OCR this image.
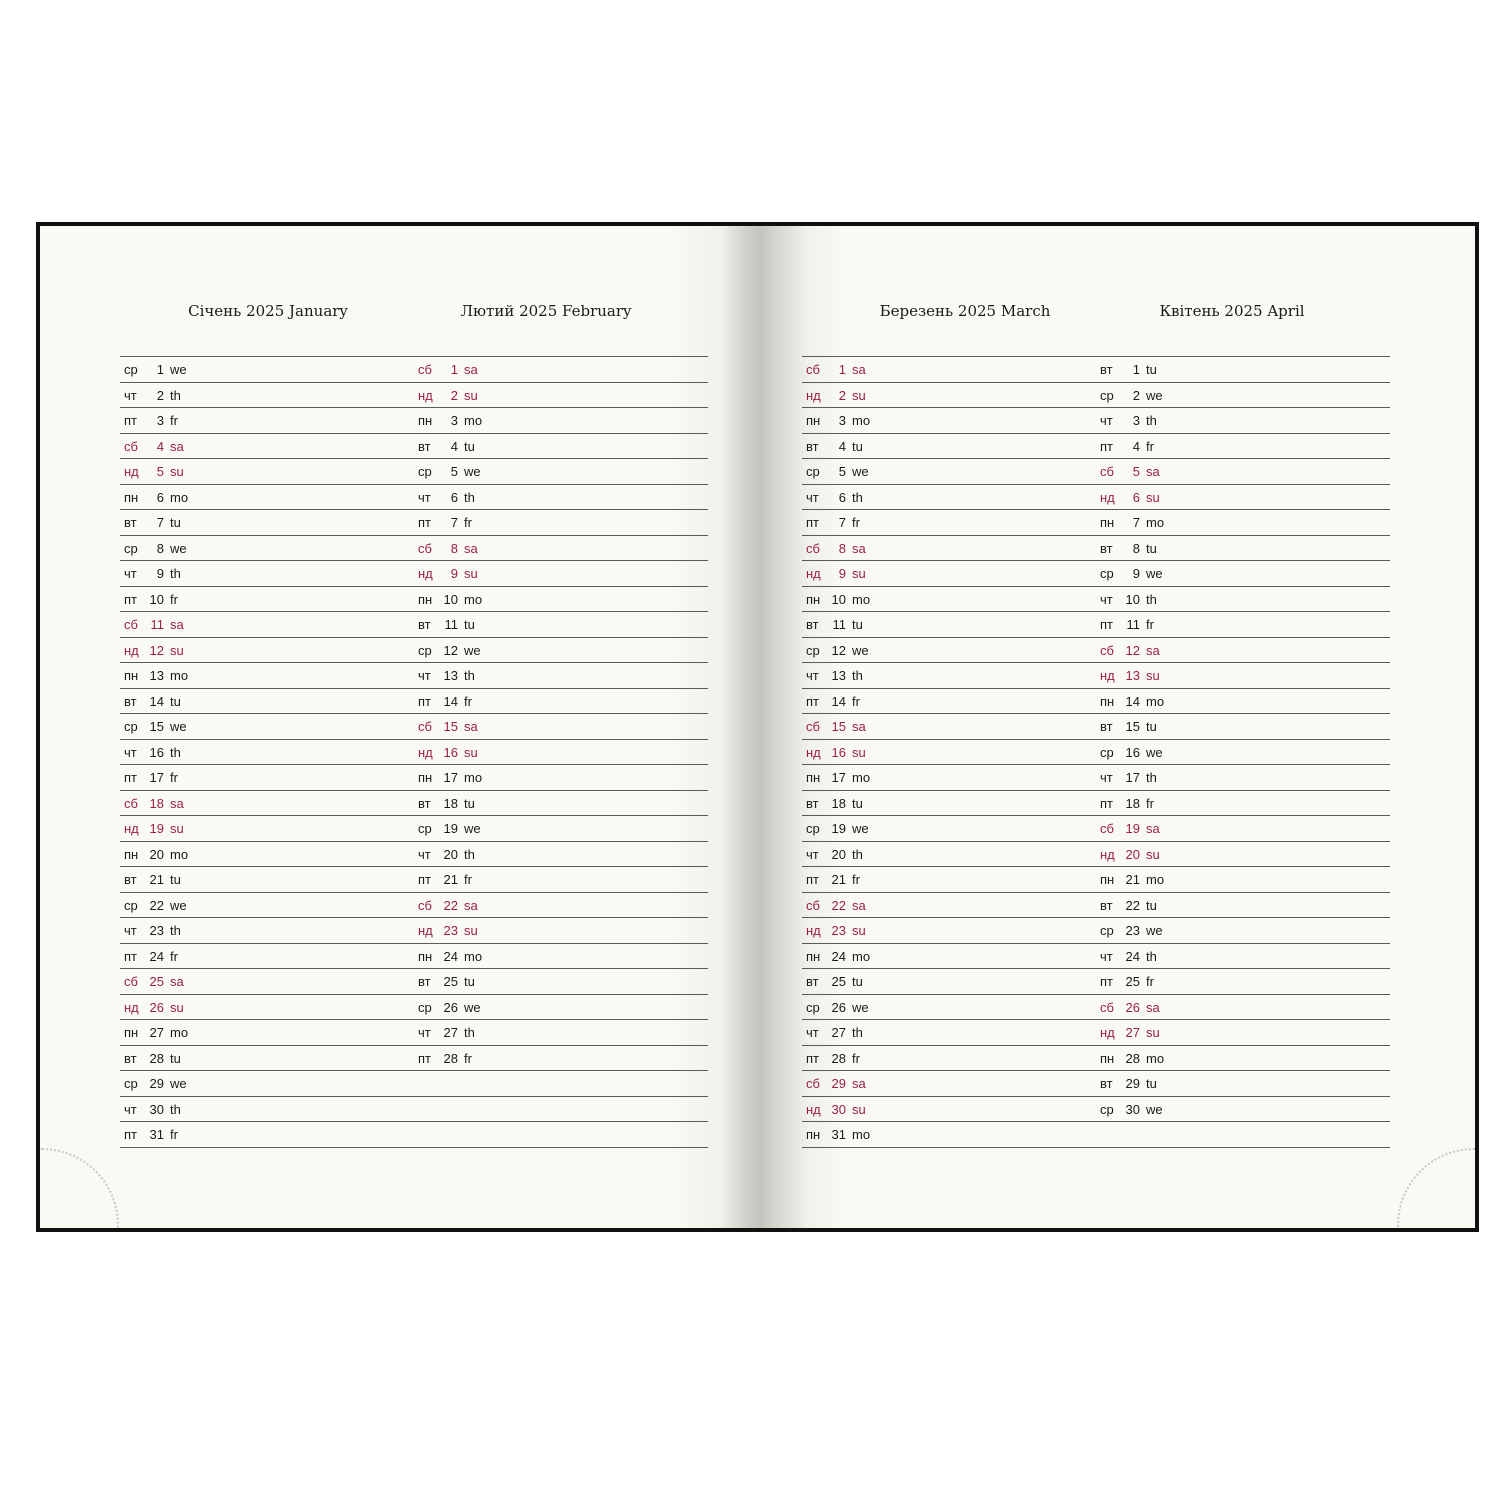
Січень 2025 January	Лютий 2025 February	Березень 2025 March	Квітень 2025 April
ср	1 we
чт	2 th
пт	3 fr
сб	4 sa
нд	5 su
пн	6 mo
вт	7 tu
ср	8 we
чт	9 th
пт 10 fr
сб 11 sa
нд 12 su
пн 13 mo
вт 14 tu
ср 15 we
чт 16 th
пт 17 fr
сб 18 sa
нд 19 su
пн 20 mo
вт 21 tu
ср 22 we
чт 23 th
пт 24 fr
сб 25 sa
нд 26 su
пн 27 mo
вт 28 tu
ср 29 we
чт 30 th
пт 31 fr
сб	1 sa
нд	2 su
пн	3 mo
вт	4 tu
ср	5 we
чт	6 th
пт	7 fr
сб	8 sa
нд	9 su
пн 10 mo
вт	11 tu
ср 12 we
чт 13 th
пт 14 fr
сб 15 sa
нд 16 su
пн 17 mo
вт 18 tu
ср 19 we
чт 20 th
пт 21 fr
сб 22 sa
нд 23 su
пн 24 mo
вт 25 tu
ср 26 we
чт 27 th
пт 28 fr
сб	1 sa
нд	2 su
пн	3 mo
вт	4 tu
ср	5 we
чт	6 th
пт	7 fr
сб	8 sa
нд	9 su
пн 10 mo
вт	11 tu
ср 12 we
чт 13 th
пт 14 fr
сб 15 sa
нд 16 su
пн 17 mo
вт 18 tu
ср 19 we
чт 20 th
пт 21 fr
сб 22 sa
нд 23 su
пн 24 mo
вт 25 tu
ср 26 we
чт 27 th
пт 28 fr
сб 29 sa
нд 30 su
пн 31 mo
вт	1 tu
ср	2 we
чт	3 th
пт	4 fr
сб	5 sa
нд	6 su
пн	7 mo
вт	8 tu
ср	9 we
чт 10 th
пт	11 fr
сб 12 sa
нд 13 su
пн 14 mo
вт 15 tu
ср 16 we
чт 17 th
пт 18 fr
сб 19 sa
нд 20 su
пн 21 mo
вт 22 tu
ср 23 we
чт 24 th
пт 25 fr
сб 26 sa
нд 27 su
пн 28 mo
вт 29 tu
ср 30 we
